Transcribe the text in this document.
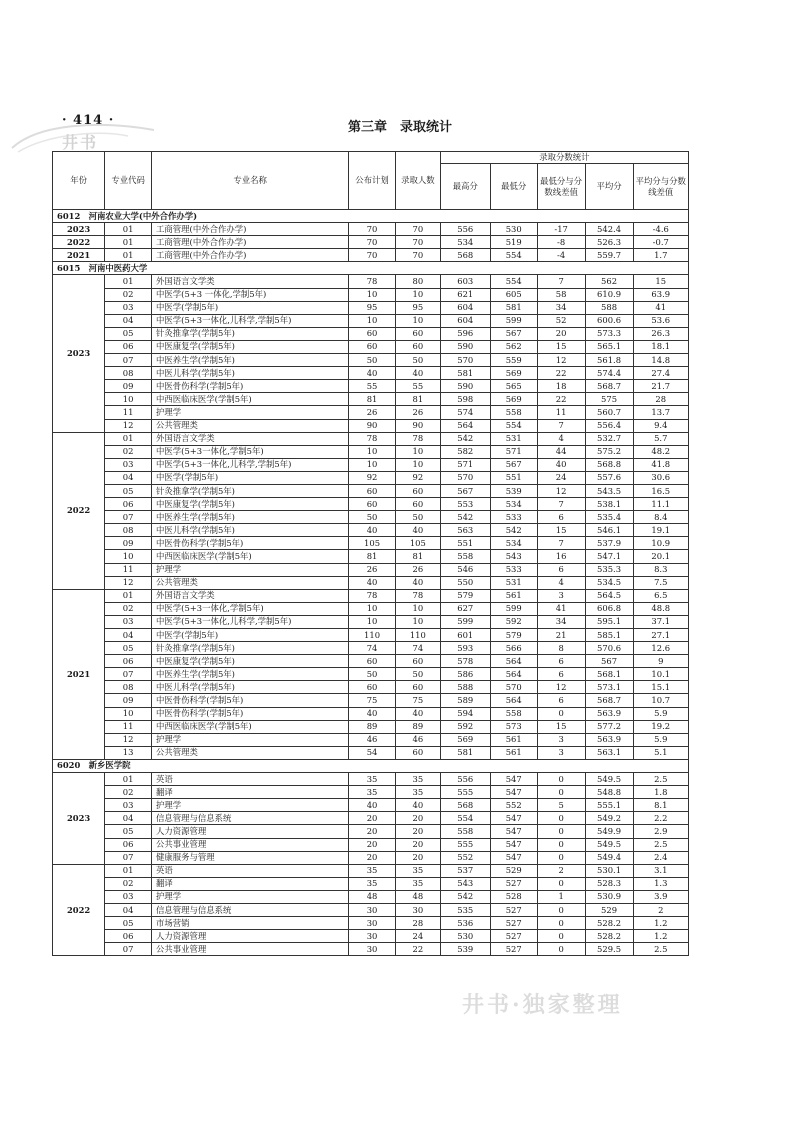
· 414 ·	第三章　录取统计
井书
井书·独家整理
年份	专业代码	专业名称	公布计划	录取人数	录取分数统计				
					最高分	最低分	最低分与分数线差值	平均分	平均分与分数线差值
6012　河南农业大学(中外合作办学)									
2023	01	工商管理(中外合作办学)	70	70	556	530	-17	542.4	-4.6
2022	01	工商管理(中外合作办学)	70	70	534	519	-8	526.3	-0.7
2021	01	工商管理(中外合作办学)	70	70	568	554	-4	559.7	1.7
6015　河南中医药大学									
2023	01	外国语言文学类	78	80	603	554	7	562	15
	02	中医学(5+3 一体化,学制5年)	10	10	621	605	58	610.9	63.9
	03	中医学(学制5年)	95	95	604	581	34	588	41
	04	中医学(5+3一体化,儿科学,学制5年)	10	10	604	599	52	600.6	53.6
	05	针灸推拿学(学制5年)	60	60	596	567	20	573.3	26.3
	06	中医康复学(学制5年)	60	60	590	562	15	565.1	18.1
	07	中医养生学(学制5年)	50	50	570	559	12	561.8	14.8
	08	中医儿科学(学制5年)	40	40	581	569	22	574.4	27.4
	09	中医骨伤科学(学制5年)	55	55	590	565	18	568.7	21.7
	10	中西医临床医学(学制5年)	81	81	598	569	22	575	28
	11	护理学	26	26	574	558	11	560.7	13.7
	12	公共管理类	90	90	564	554	7	556.4	9.4
2022	01	外国语言文学类	78	78	542	531	4	532.7	5.7
	02	中医学(5+3一体化,学制5年)	10	10	582	571	44	575.2	48.2
	03	中医学(5+3一体化,儿科学,学制5年)	10	10	571	567	40	568.8	41.8
	04	中医学(学制5年)	92	92	570	551	24	557.6	30.6
	05	针灸推拿学(学制5年)	60	60	567	539	12	543.5	16.5
	06	中医康复学(学制5年)	60	60	553	534	7	538.1	11.1
	07	中医养生学(学制5年)	50	50	542	533	6	535.4	8.4
	08	中医儿科学(学制5年)	40	40	563	542	15	546.1	19.1
	09	中医骨伤科学(学制5年)	105	105	551	534	7	537.9	10.9
	10	中西医临床医学(学制5年)	81	81	558	543	16	547.1	20.1
	11	护理学	26	26	546	533	6	535.3	8.3
	12	公共管理类	40	40	550	531	4	534.5	7.5
2021	01	外国语言文学类	78	78	579	561	3	564.5	6.5
	02	中医学(5+3一体化,学制5年)	10	10	627	599	41	606.8	48.8
	03	中医学(5+3一体化,儿科学,学制5年)	10	10	599	592	34	595.1	37.1
	04	中医学(学制5年)	110	110	601	579	21	585.1	27.1
	05	针灸推拿学(学制5年)	74	74	593	566	8	570.6	12.6
	06	中医康复学(学制5年)	60	60	578	564	6	567	9
	07	中医养生学(学制5年)	50	50	586	564	6	568.1	10.1
	08	中医儿科学(学制5年)	60	60	588	570	12	573.1	15.1
	09	中医骨伤科学(学制5年)	75	75	589	564	6	568.7	10.7
	10	中医骨伤科学(学制5年)	40	40	594	558	0	563.9	5.9
	11	中西医临床医学(学制5年)	89	89	592	573	15	577.2	19.2
	12	护理学	46	46	569	561	3	563.9	5.9
	13	公共管理类	54	60	581	561	3	563.1	5.1
6020　新乡医学院									
2023	01	英语	35	35	556	547	0	549.5	2.5
	02	翻译	35	35	555	547	0	548.8	1.8
	03	护理学	40	40	568	552	5	555.1	8.1
	04	信息管理与信息系统	20	20	554	547	0	549.2	2.2
	05	人力资源管理	20	20	558	547	0	549.9	2.9
	06	公共事业管理	20	20	555	547	0	549.5	2.5
	07	健康服务与管理	20	20	552	547	0	549.4	2.4
2022	01	英语	35	35	537	529	2	530.1	3.1
	02	翻译	35	35	543	527	0	528.3	1.3
	03	护理学	48	48	542	528	1	530.9	3.9
	04	信息管理与信息系统	30	30	535	527	0	529	2
	05	市场营销	30	28	536	527	0	528.2	1.2
	06	人力资源管理	30	24	530	527	0	528.2	1.2
	07	公共事业管理	30	22	539	527	0	529.5	2.5
